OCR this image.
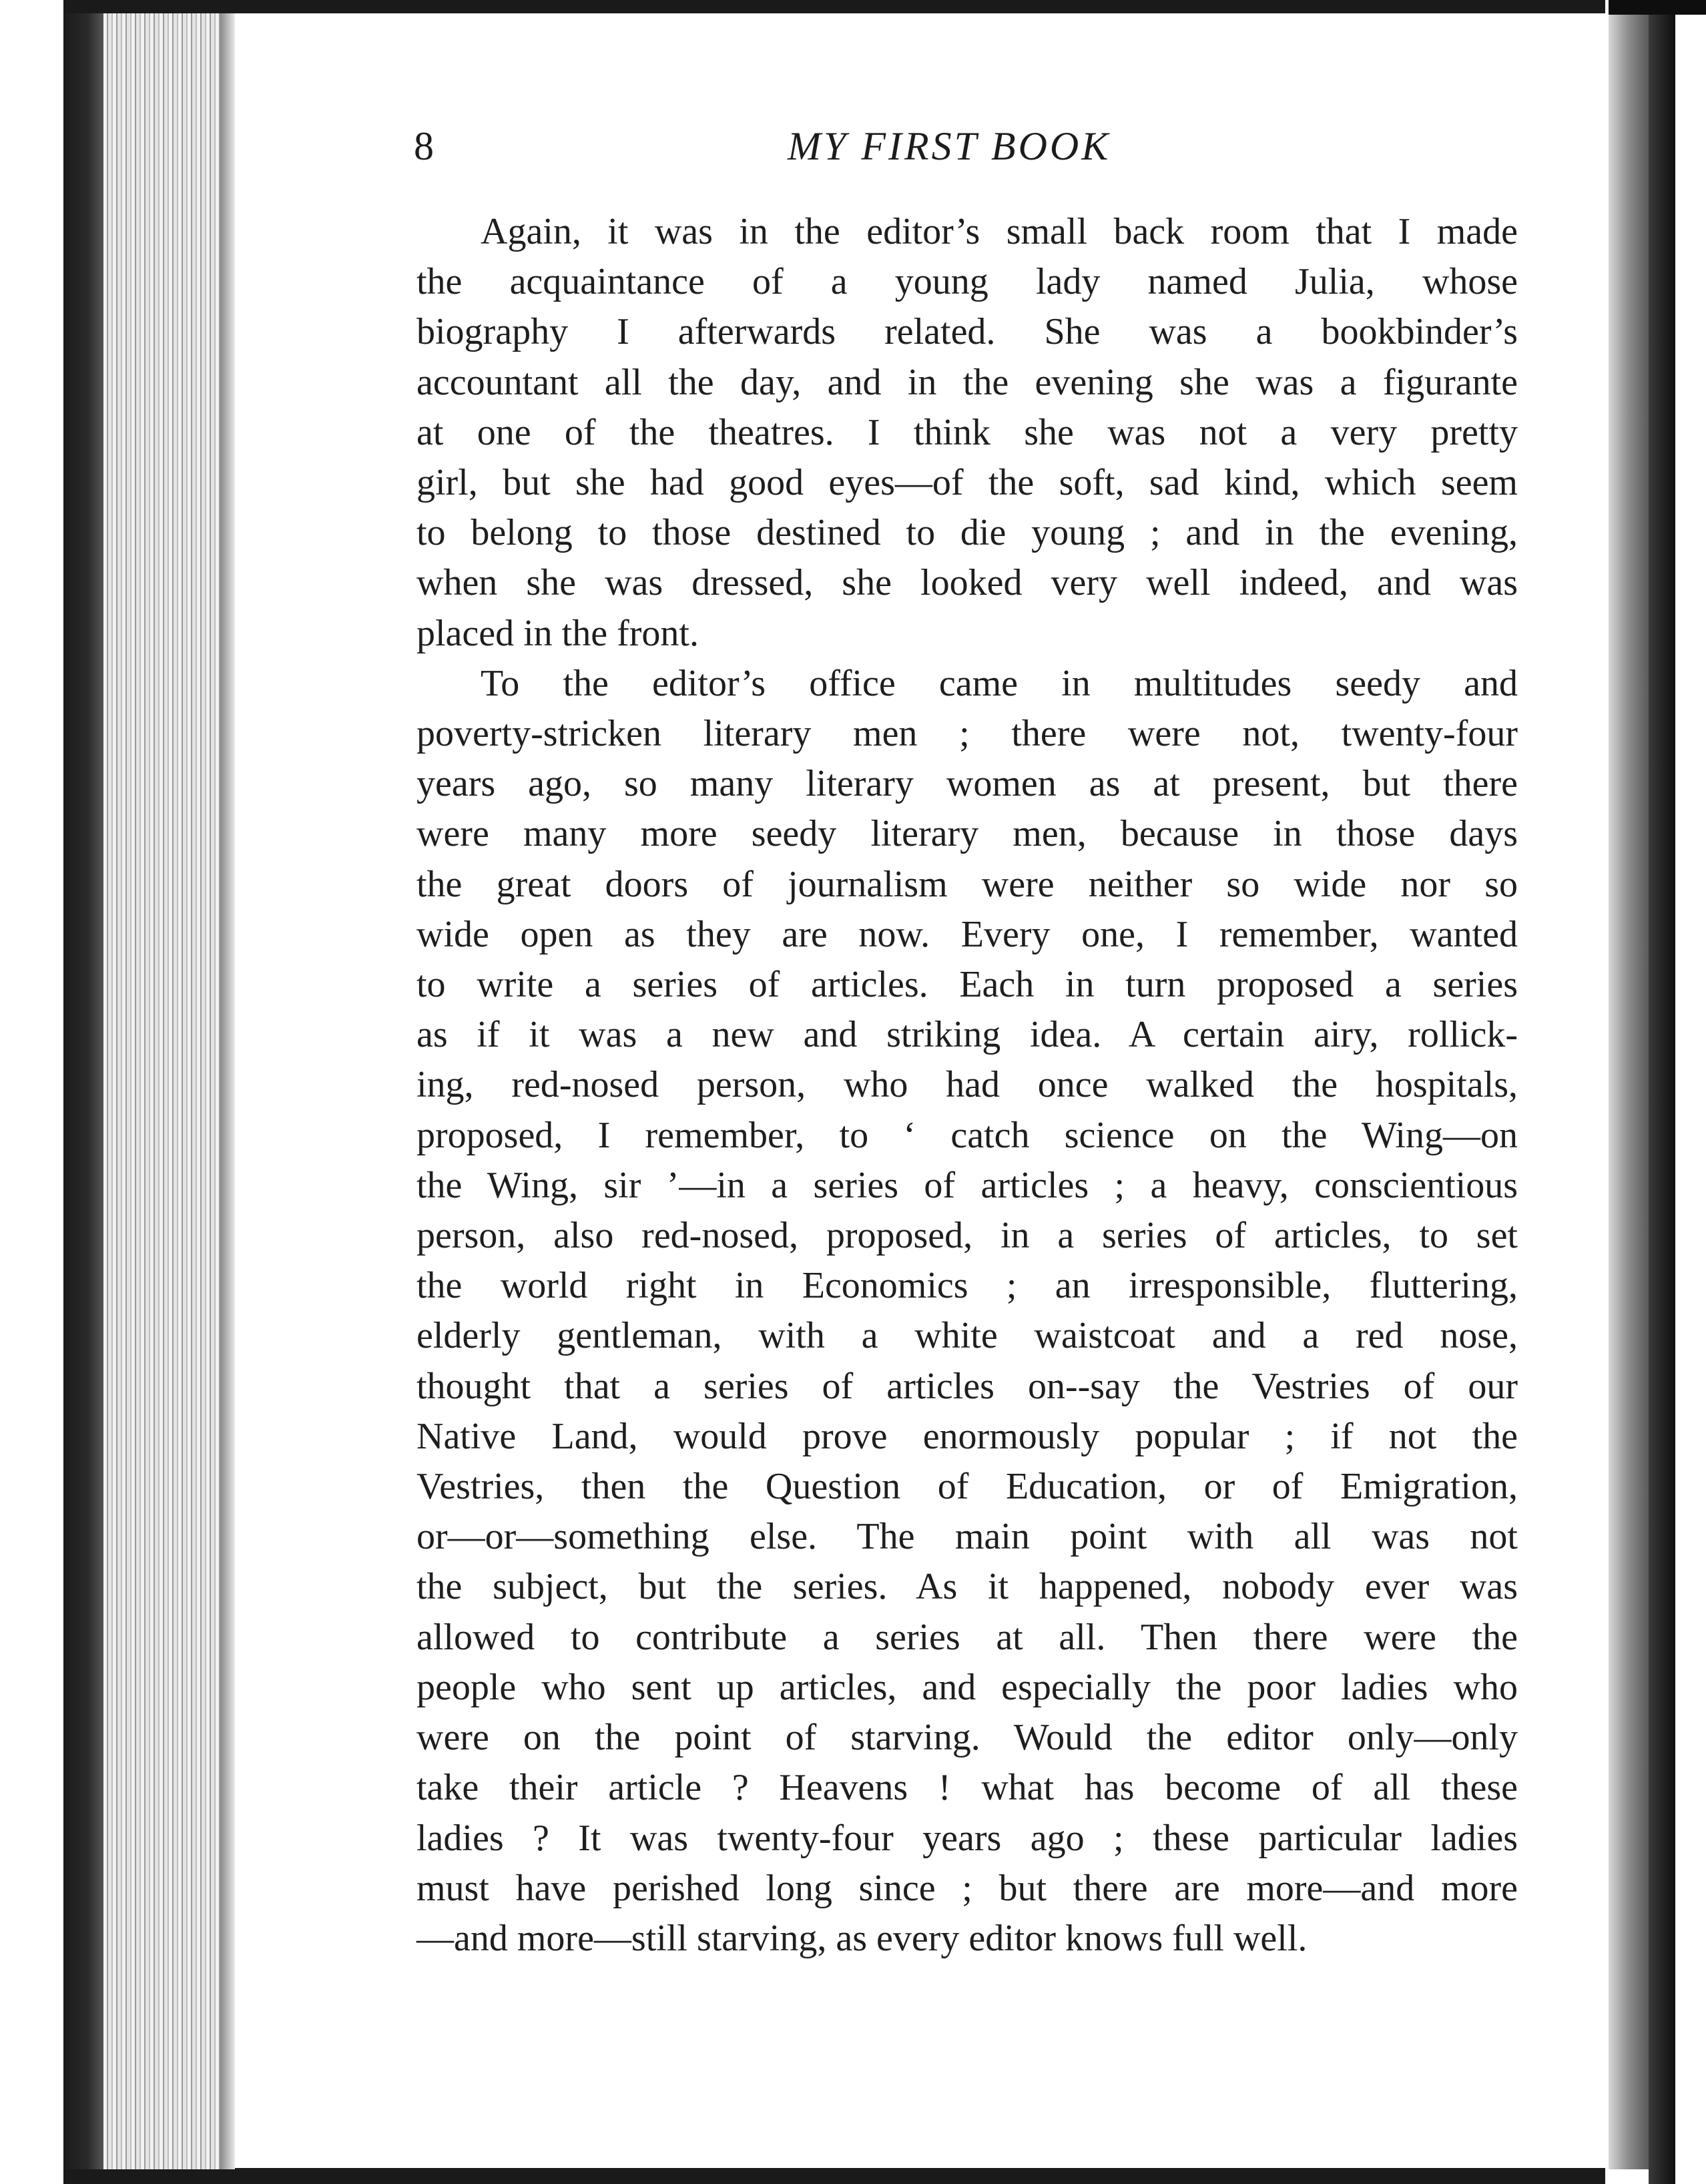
8	MY FIRST BOOK

Again, it was in the editor’s small back room that I made
the acquaintance of a young lady named Julia, whose
biography I afterwards related. She was a bookbinder’s
accountant all the day, and in the evening she was a figurante
at one of the theatres. I think she was not a very pretty
girl, but she had good eyes—of the soft, sad kind, which seem
to belong to those destined to die young ; and in the evening,
when she was dressed, she looked very well indeed, and was
placed in the front.

To the editor’s office came in multitudes seedy and
poverty-stricken literary men ; there were not, twenty-four
years ago, so many literary women as at present, but there
were many more seedy literary men, because in those days
the great doors of journalism were neither so wide nor so
wide open as they are now. Every one, I remember, wanted
to write a series of articles. Each in turn proposed a series
as if it was a new and striking idea. A certain airy, rollick-
ing, red-nosed person, who had once walked the hospitals,
proposed, I remember, to ‘ catch science on the Wing—on
the Wing, sir ’—in a series of articles ; a heavy, conscientious
person, also red-nosed, proposed, in a series of articles, to set
the world right in Economics ; an irresponsible, fluttering,
elderly gentleman, with a white waistcoat and a red nose,
thought that a series of articles on--say the Vestries of our
Native Land, would prove enormously popular ; if not the
Vestries, then the Question of Education, or of Emigration,
or—or—something else. The main point with all was not
the subject, but the series. As it happened, nobody ever was
allowed to contribute a series at all. Then there were the
people who sent up articles, and especially the poor ladies who
were on the point of starving. Would the editor only—only
take their article ? Heavens ! what has become of all these
ladies ? It was twenty-four years ago ; these particular ladies
must have perished long since ; but there are more—and more
—and more—still starving, as every editor knows full well.
